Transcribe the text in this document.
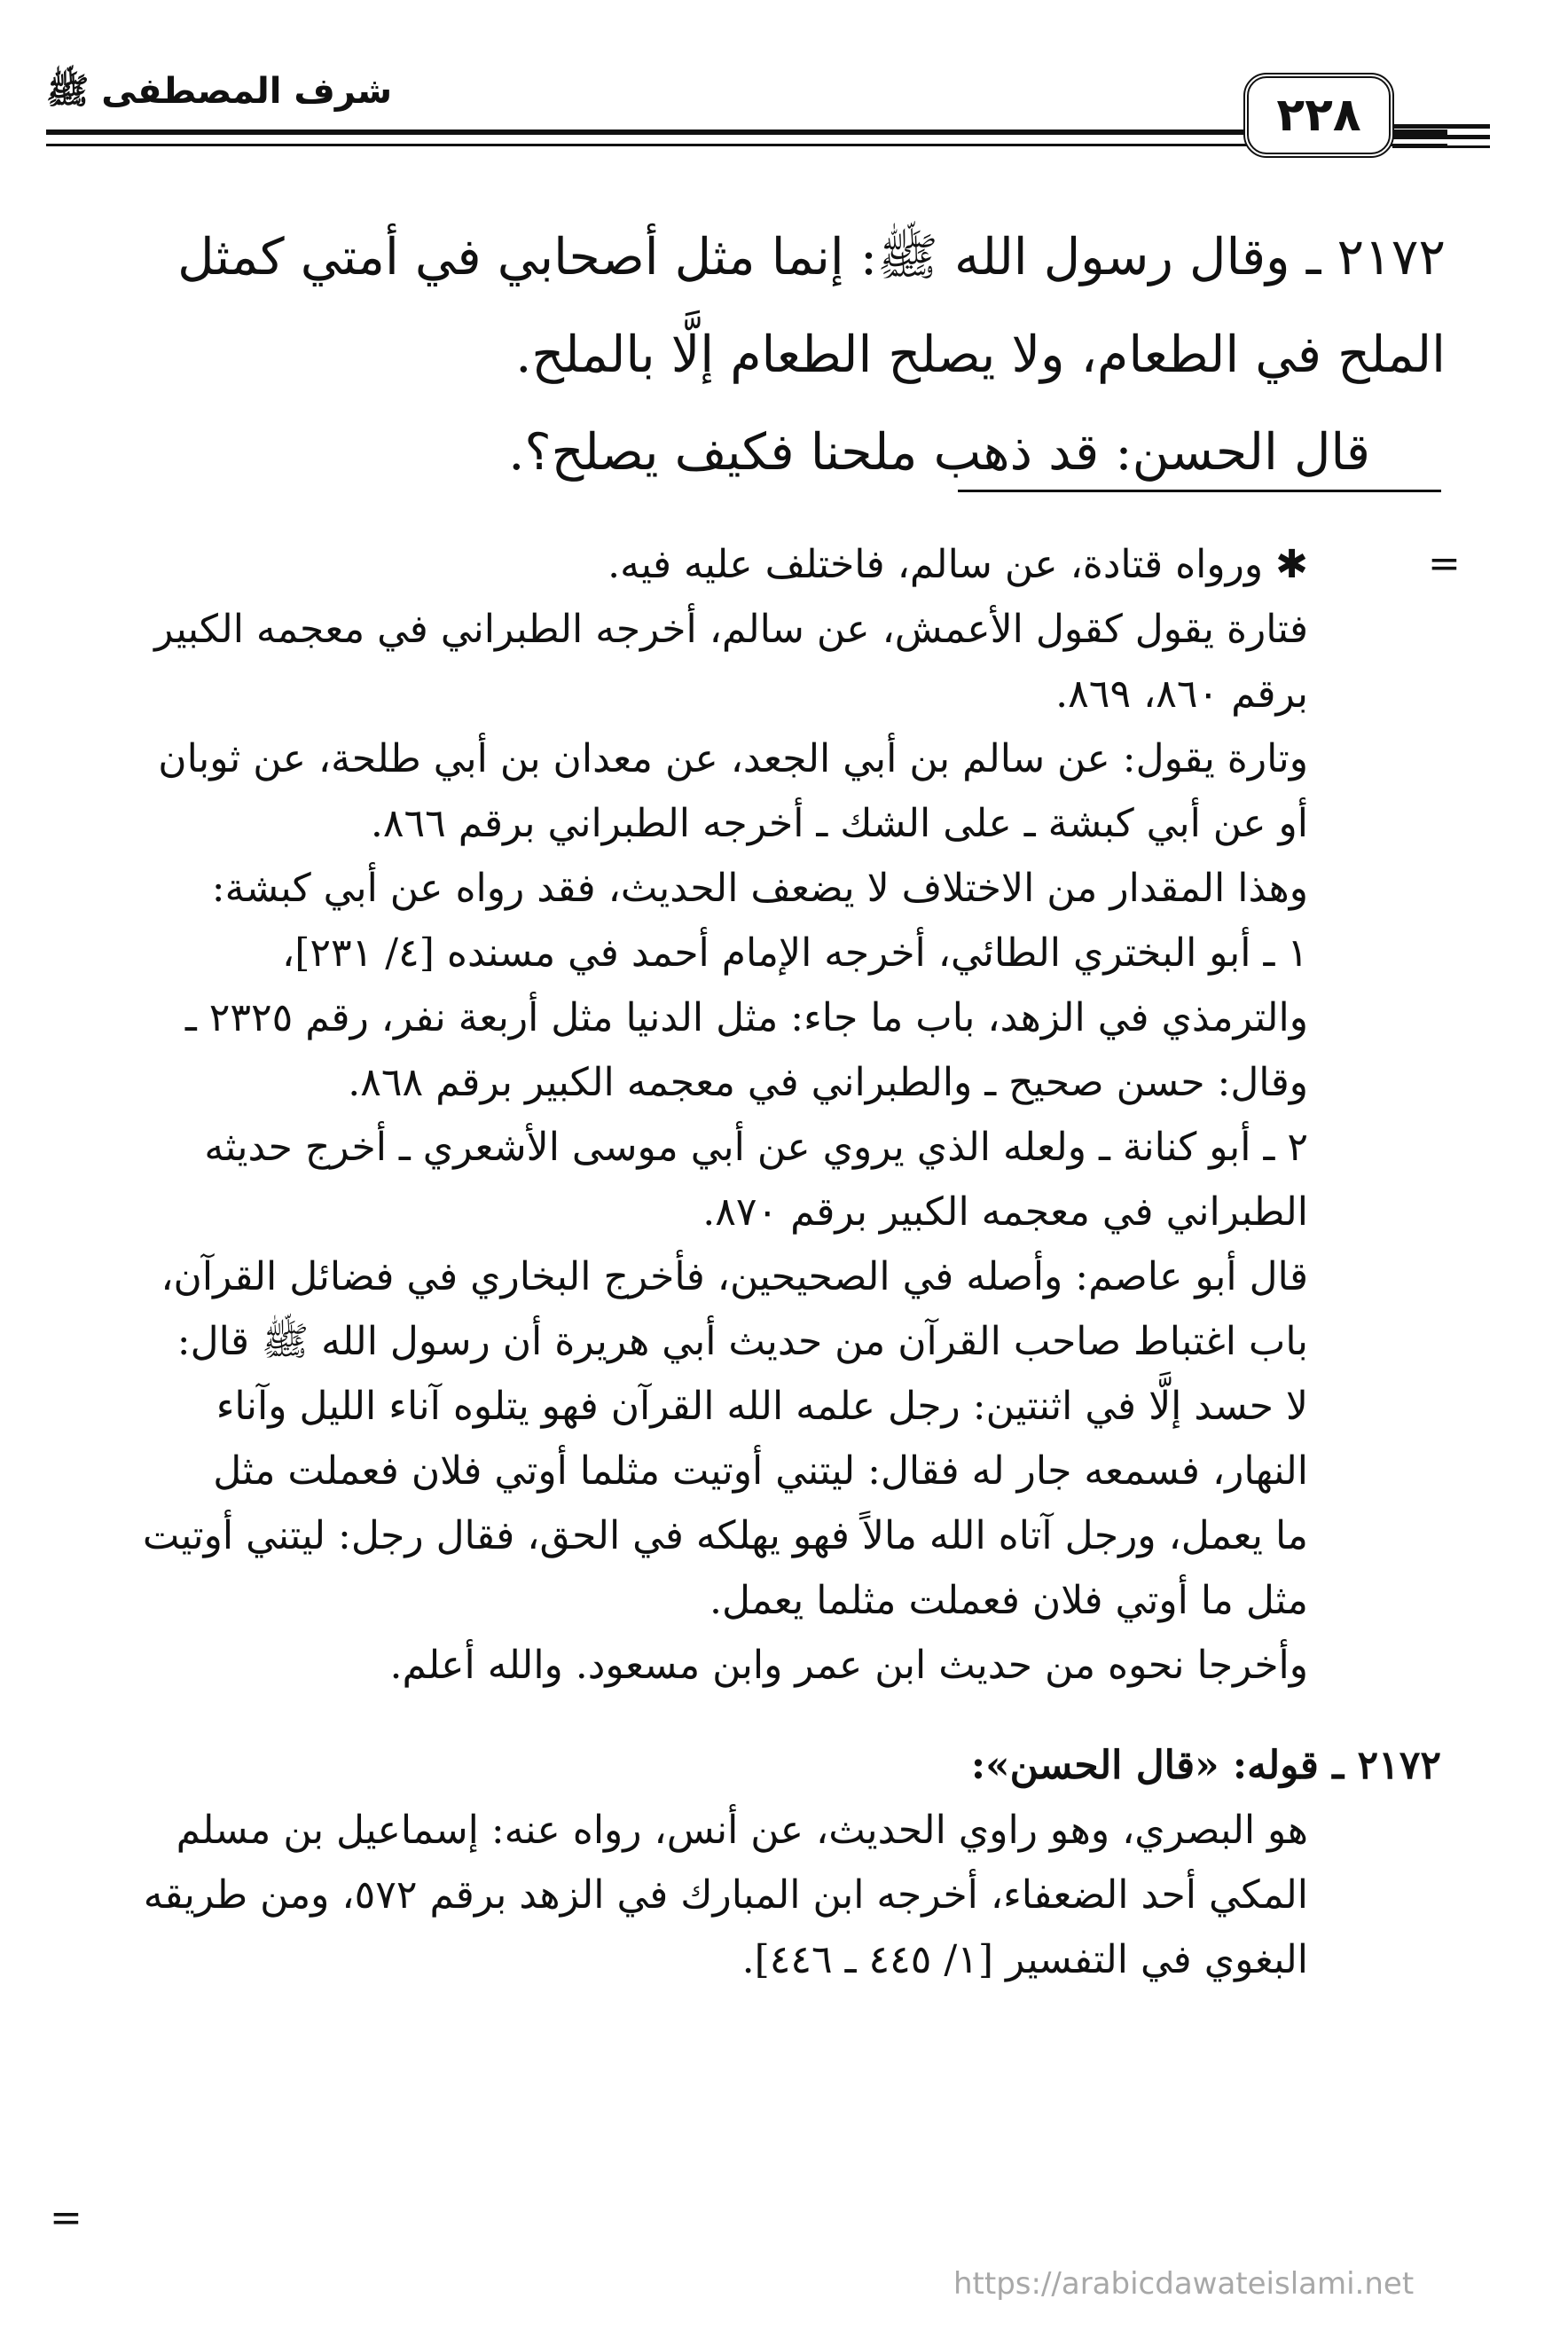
شرف المصطفى ﷺ	٢٢٨

٢١٧٢ ـ وقال رسول الله ﷺ: إنما مثل أصحابي في أمتي كمثل

الملح في الطعام، ولا يصلح الطعام إلَّا بالملح.

قال الحسن: قد ذهب ملحنا فكيف يصلح؟.

=

✱ ورواه قتادة، عن سالم، فاختلف عليه فيه.

فتارة يقول كقول الأعمش، عن سالم، أخرجه الطبراني في معجمه الكبير

برقم ٨٦٠، ٨٦٩.

وتارة يقول: عن سالم بن أبي الجعد، عن معدان بن أبي طلحة، عن ثوبان

أو عن أبي كبشة ـ على الشك ـ أخرجه الطبراني برقم ٨٦٦.

وهذا المقدار من الاختلاف لا يضعف الحديث، فقد رواه عن أبي كبشة:

١ ـ أبو البختري الطائي، أخرجه الإمام أحمد في مسنده [٤/ ٢٣١]،

والترمذي في الزهد، باب ما جاء: مثل الدنيا مثل أربعة نفر، رقم ٢٣٢٥ ـ

وقال: حسن صحيح ـ والطبراني في معجمه الكبير برقم ٨٦٨.

٢ ـ أبو كنانة ـ ولعله الذي يروي عن أبي موسى الأشعري ـ أخرج حديثه

الطبراني في معجمه الكبير برقم ٨٧٠.

قال أبو عاصم: وأصله في الصحيحين، فأخرج البخاري في فضائل القرآن،

باب اغتباط صاحب القرآن من حديث أبي هريرة أن رسول الله ﷺ قال:

لا حسد إلَّا في اثنتين: رجل علمه الله القرآن فهو يتلوه آناء الليل وآناء

النهار، فسمعه جار له فقال: ليتني أوتيت مثلما أوتي فلان فعملت مثل

ما يعمل، ورجل آتاه الله مالاً فهو يهلكه في الحق، فقال رجل: ليتني أوتيت

مثل ما أوتي فلان فعملت مثلما يعمل.

وأخرجا نحوه من حديث ابن عمر وابن مسعود. والله أعلم.

٢١٧٢ ـ قوله: «قال الحسن»:

هو البصري، وهو راوي الحديث، عن أنس، رواه عنه: إسماعيل بن مسلم

المكي أحد الضعفاء، أخرجه ابن المبارك في الزهد برقم ٥٧٢، ومن طريقه

البغوي في التفسير [١/ ٤٤٥ ـ ٤٤٦].

=
https://arabicdawateislami.net
